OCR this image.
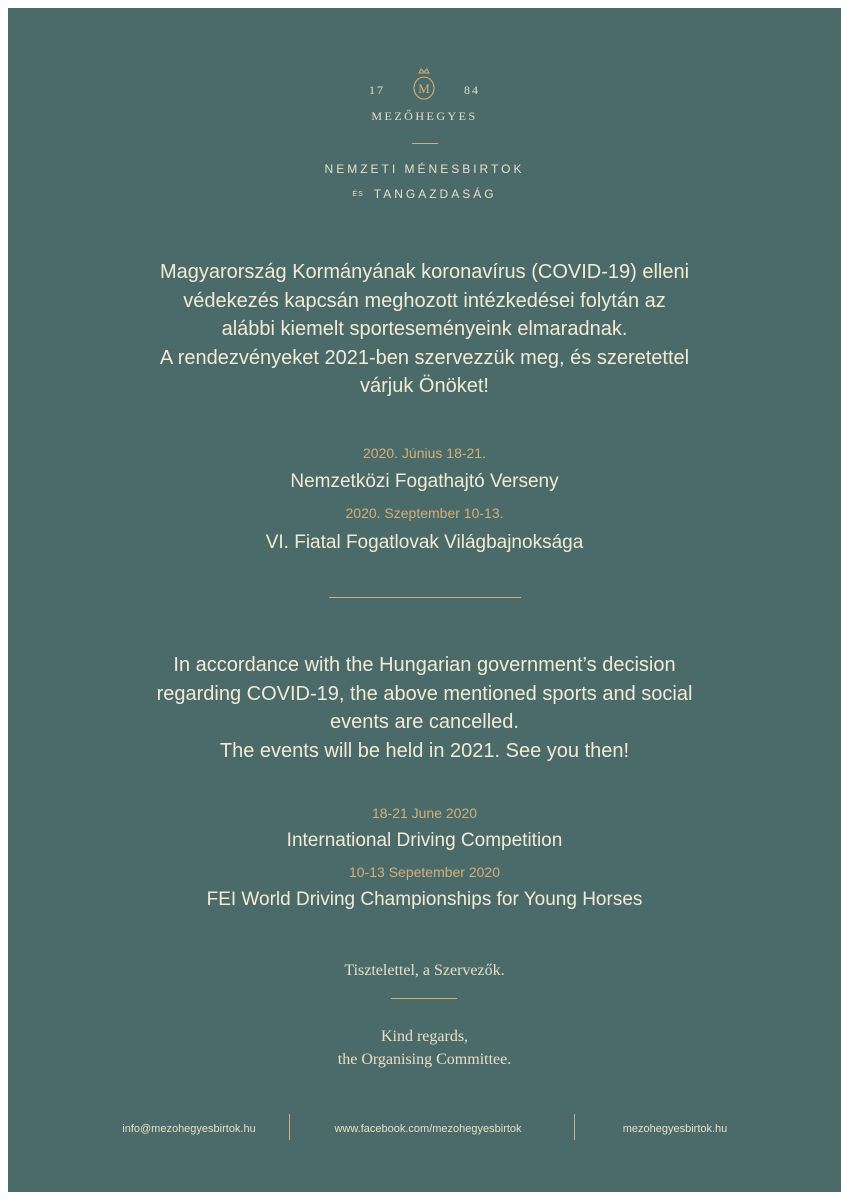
17	M	84
MEZŐHEGYES
NEMZETI MÉNESBIRTOK
ÉS TANGAZDASÁG
Magyarország Kormányának koronavírus (COVID-19) elleni
védekezés kapcsán meghozott intézkedései folytán az
alábbi kiemelt sporteseményeink elmaradnak.
A rendezvényeket 2021-ben szervezzük meg, és szeretettel
várjuk Önöket!
2020. Június 18-21.
Nemzetközi Fogathajtó Verseny
2020. Szeptember 10-13.
VI. Fiatal Fogatlovak Világbajnoksága
In accordance with the Hungarian government’s decision
regarding COVID-19, the above mentioned sports and social
events are cancelled.
The events will be held in 2021. See you then!
18-21 June 2020
International Driving Competition
10-13 Sepetember 2020
FEI World Driving Championships for Young Horses
Tisztelettel, a Szervezők.
Kind regards,
the Organising Committee.
info@mezohegyesbirtok.hu	www.facebook.com/mezohegyesbirtok	mezohegyesbirtok.hu
